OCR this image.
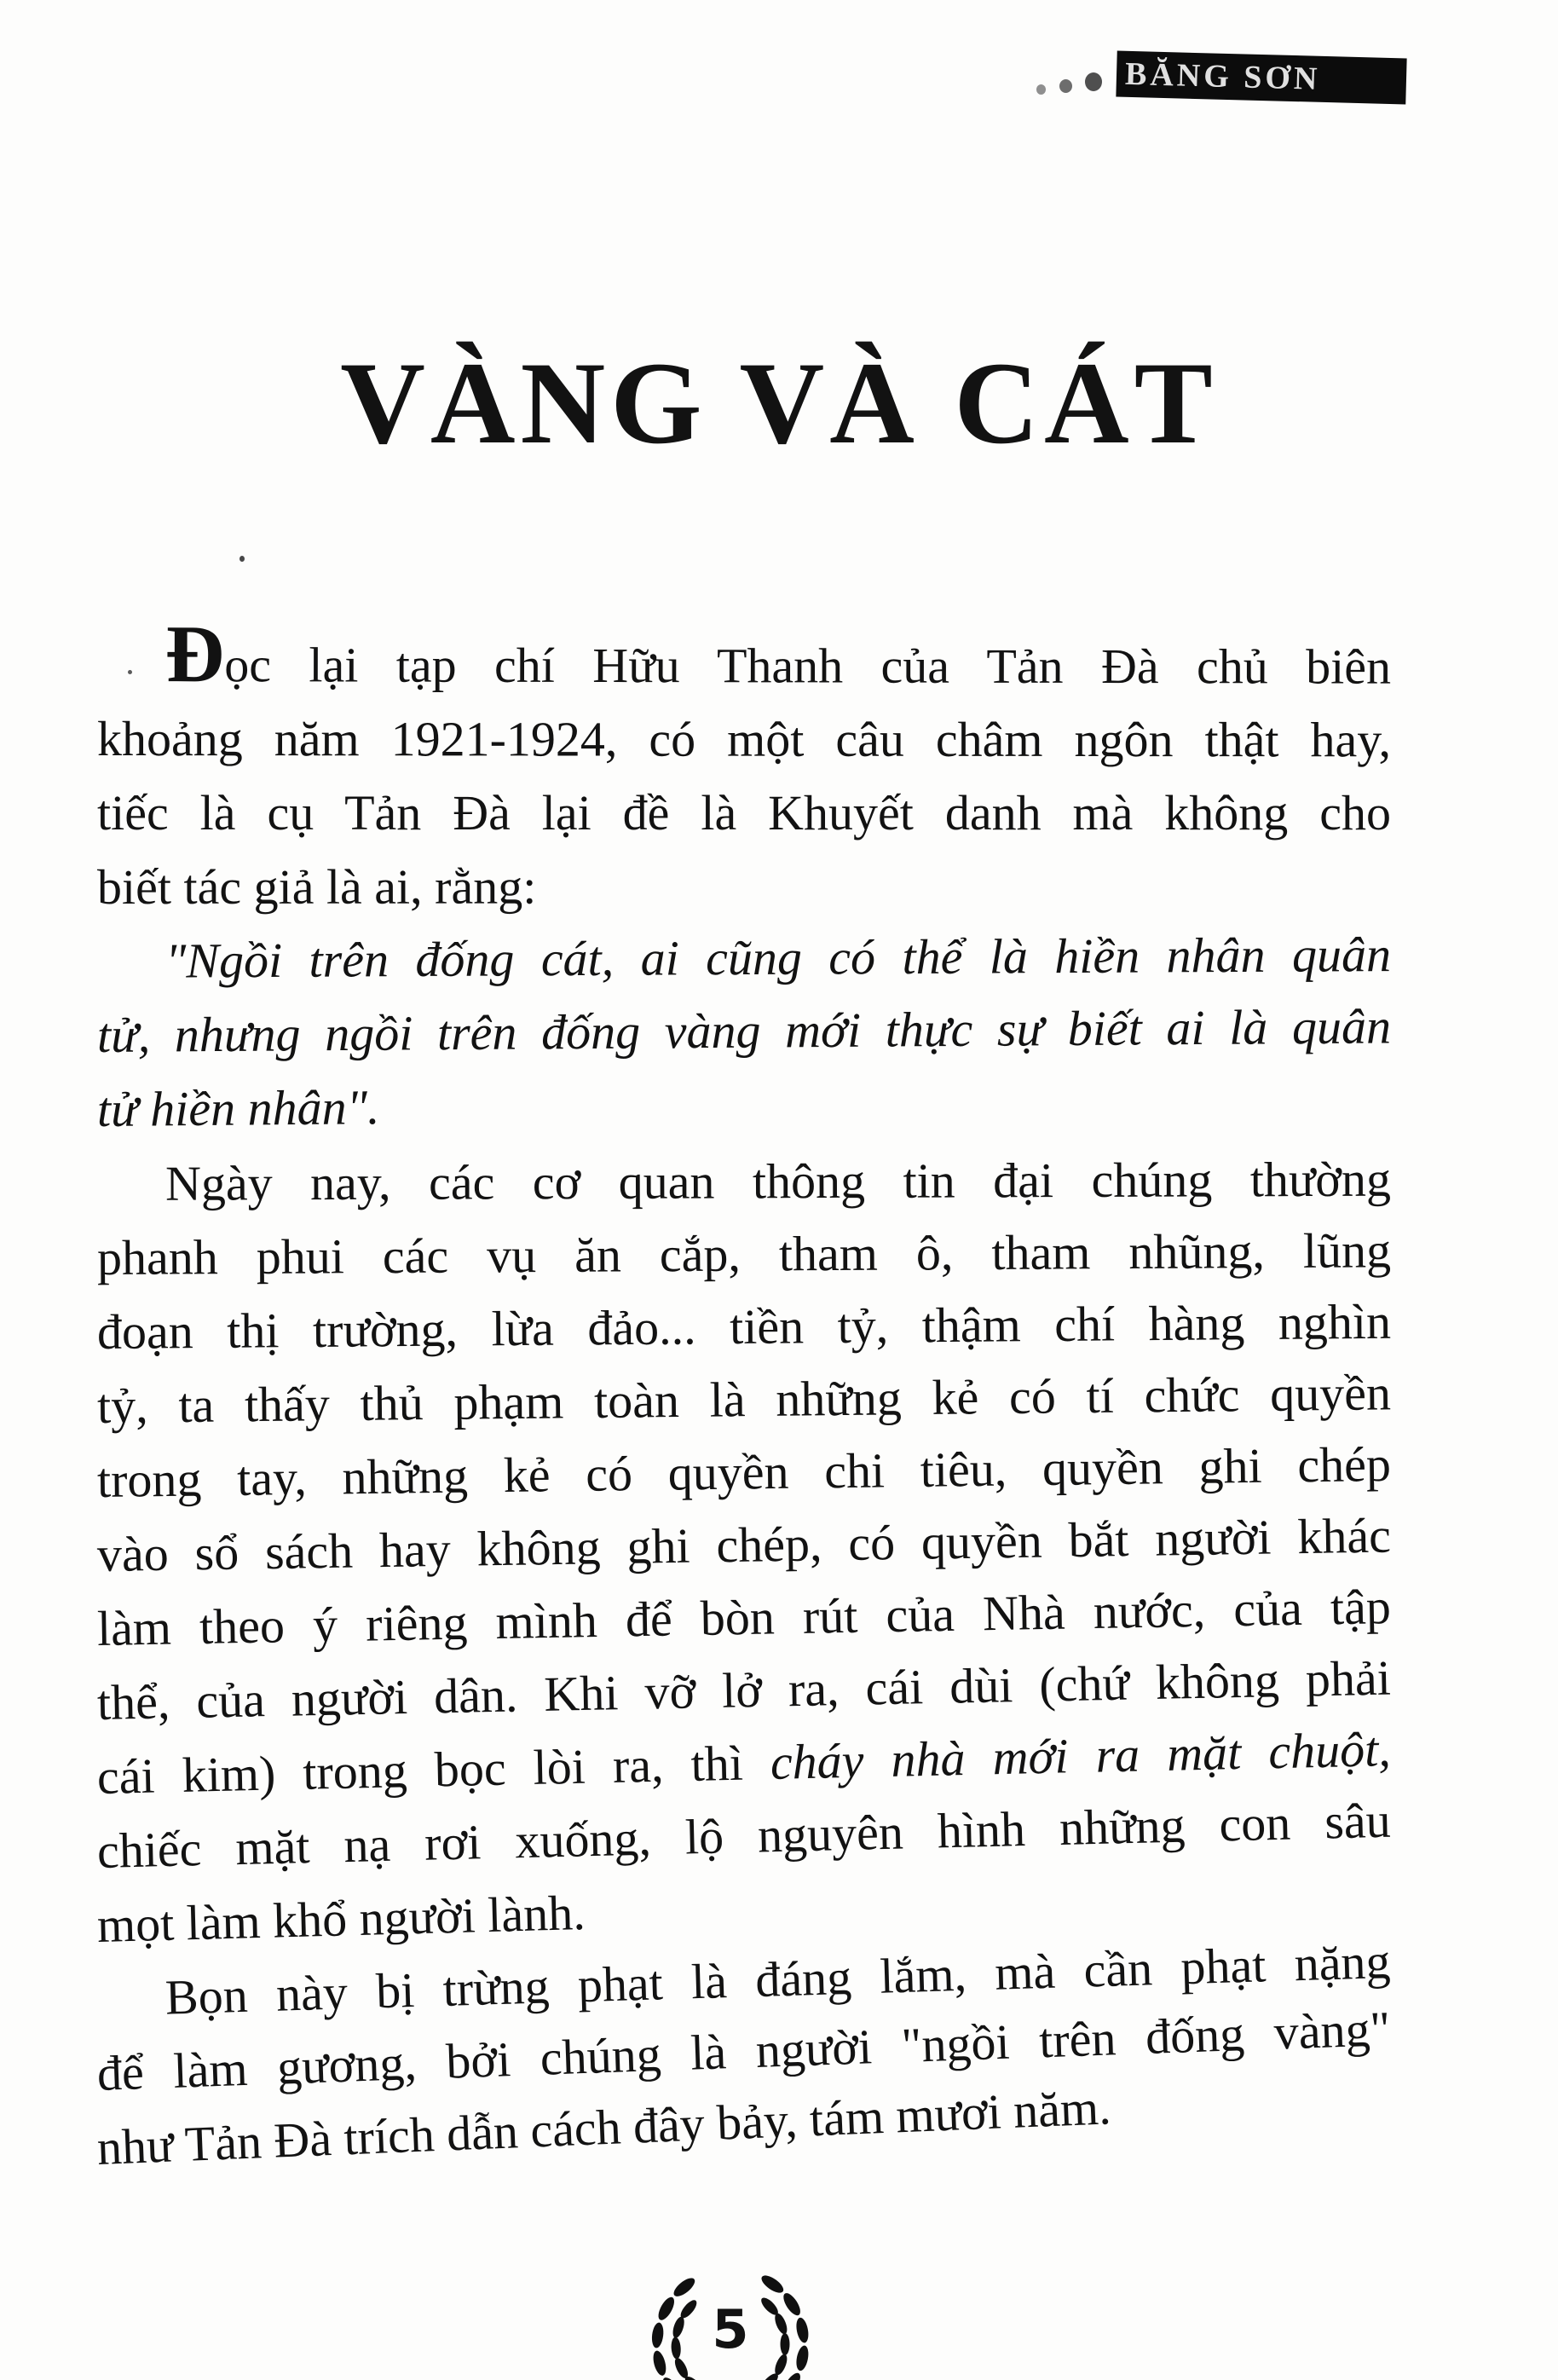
BĂNG SƠN
VÀNG VÀ CÁT
Đọc lại tạp chí Hữu Thanh của Tản Đà chủ biên
khoảng năm 1921-1924, có một câu châm ngôn thật hay,
tiếc là cụ Tản Đà lại đề là Khuyết danh mà không cho
biết tác giả là ai, rằng:
"Ngồi trên đống cát, ai cũng có thể là hiền nhân quân
tử, nhưng ngồi trên đống vàng mới thực sự biết ai là quân
tử hiền nhân".
Ngày nay, các cơ quan thông tin đại chúng thường
phanh phui các vụ ăn cắp, tham ô, tham nhũng, lũng
đoạn thị trường, lừa đảo... tiền tỷ, thậm chí hàng nghìn
tỷ, ta thấy thủ phạm toàn là những kẻ có tí chức quyền
trong tay, những kẻ có quyền chi tiêu, quyền ghi chép
vào sổ sách hay không ghi chép, có quyền bắt người khác
làm theo ý riêng mình để bòn rút của Nhà nước, của tập
thể, của người dân. Khi vỡ lở ra, cái dùi (chứ không phải
cái kim) trong bọc lòi ra, thì cháy nhà mới ra mặt chuột,
chiếc mặt nạ rơi xuống, lộ nguyên hình những con sâu
mọt làm khổ người lành.
Bọn này bị trừng phạt là đáng lắm, mà cần phạt nặng
để làm gương, bởi chúng là người "ngồi trên đống vàng"
như Tản Đà trích dẫn cách đây bảy, tám mươi năm.
5
